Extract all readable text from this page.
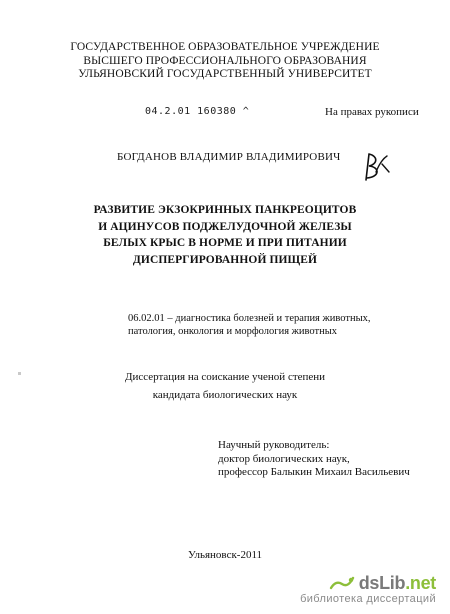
ГОСУДАРСТВЕННОЕ ОБРАЗОВАТЕЛЬНОЕ УЧРЕЖДЕНИЕ
ВЫСШЕГО ПРОФЕССИОНАЛЬНОГО ОБРАЗОВАНИЯ
УЛЬЯНОВСКИЙ ГОСУДАРСТВЕННЫЙ УНИВЕРСИТЕТ
04.2.01 160380 ^	На правах рукописи
БОГДАНОВ ВЛАДИМИР ВЛАДИМИРОВИЧ
РАЗВИТИЕ ЭКЗОКРИННЫХ ПАНКРЕОЦИТОВ
И АЦИНУСОВ ПОДЖЕЛУДОЧНОЙ ЖЕЛЕЗЫ
БЕЛЫХ КРЫС В НОРМЕ И ПРИ ПИТАНИИ
ДИСПЕРГИРОВАННОЙ ПИЩЕЙ
06.02.01 – диагностика болезней и терапия животных,
патология, онкология и морфология животных
Диссертация на соискание ученой степени
кандидата биологических наук
Научный руководитель:
доктор биологических наук,
профессор Балыкин Михаил Васильевич
Ульяновск-2011
dsLib.net
библиотека диссертаций
